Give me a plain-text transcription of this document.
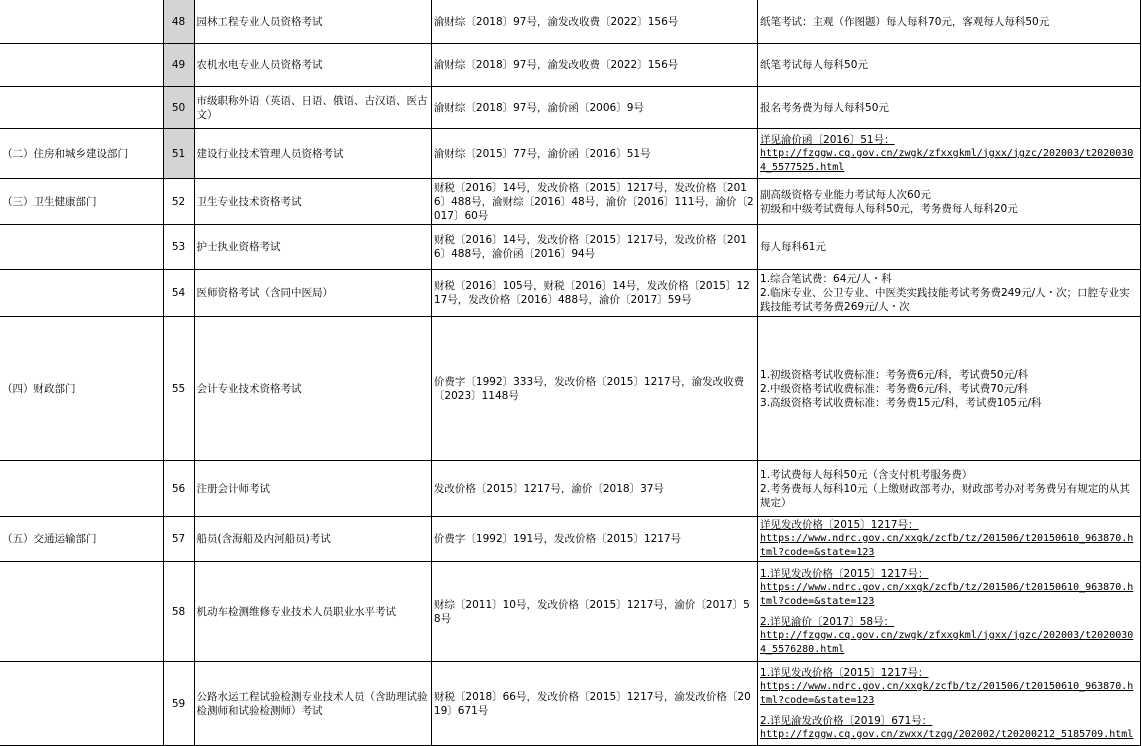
	48	园林工程专业人员资格考试	渝财综〔2018〕97号，渝发改收费〔2022〕156号	纸笔考试：主观（作图题）每人每科70元，客观每人每科50元

	49	农机水电专业人员资格考试	渝财综〔2018〕97号，渝发改收费〔2022〕156号	纸笔考试每人每科50元

	50	市级职称外语（英语、日语、俄语、古汉语、医古文）	渝财综〔2018〕97号，渝价函〔2006〕9号	报名考务费为每人每科50元

（二）住房和城乡建设部门	51	建设行业技术管理人员资格考试	渝财综〔2015〕77号，渝价函〔2016〕51号	详见渝价函〔2016〕51号：
http://fzggw.cq.gov.cn/zwgk/zfxxgkml/jgxx/jgzc/202003/t20200304_5577525.html

（三）卫生健康部门	52	卫生专业技术资格考试	财税〔2016〕14号，发改价格〔2015〕1217号，发改价格〔2016〕488号，渝财综〔2016〕48号，渝价〔2016〕111号，渝价〔2017〕60号	副高级资格专业能力考试每人次60元
初级和中级考试费每人每科50元，考务费每人每科20元

	53	护士执业资格考试	财税〔2016〕14号，发改价格〔2015〕1217号，发改价格〔2016〕488号，渝价函〔2016〕94号	每人每科61元

	54	医师资格考试（含同中医局）	财税〔2016〕105号，财税〔2016〕14号，发改价格〔2015〕1217号，发改价格〔2016〕488号，渝价〔2017〕59号	1.综合笔试费：64元/人・科
2.临床专业、公卫专业、中医类实践技能考试考务费249元/人・次；口腔专业实践技能考试考务费269元/人・次

（四）财政部门	55	会计专业技术资格考试	价费字〔1992〕333号，发改价格〔2015〕1217号，渝发改收费〔2023〕1148号	1.初级资格考试收费标准：考务费6元/科，考试费50元/科
2.中级资格考试收费标准：考务费6元/科，考试费70元/科
3.高级资格考试收费标准：考务费15元/科，考试费105元/科

	56	注册会计师考试	发改价格〔2015〕1217号，渝价〔2018〕37号	1.考试费每人每科50元（含支付机考服务费）
2.考务费每人每科10元（上缴财政部考办，财政部考办对考务费另有规定的从其规定）

（五）交通运输部门	57	船员(含海船及内河船员)考试	价费字〔1992〕191号，发改价格〔2015〕1217号	详见发改价格〔2015〕1217号：
https://www.ndrc.gov.cn/xxgk/zcfb/tz/201506/t20150610_963870.html?code=&state=123

	58	机动车检测维修专业技术人员职业水平考试	财综〔2011〕10号，发改价格〔2015〕1217号，渝价〔2017〕58号	1.详见发改价格〔2015〕1217号：
https://www.ndrc.gov.cn/xxgk/zcfb/tz/201506/t20150610_963870.html?code=&state=123
2.详见渝价〔2017〕58号：
http://fzggw.cq.gov.cn/zwgk/zfxxgkml/jgxx/jgzc/202003/t20200304_5576280.html

	59	公路水运工程试验检测专业技术人员（含助理试验检测师和试验检测师）考试	财税〔2018〕66号，发改价格〔2015〕1217号，渝发改价格〔2019〕671号	1.详见发改价格〔2015〕1217号：
https://www.ndrc.gov.cn/xxgk/zcfb/tz/201506/t20150610_963870.html?code=&state=123
2.详见渝发改价格〔2019〕671号：
http://fzggw.cq.gov.cn/zwxx/tzgg/202002/t20200212_5185709.html
